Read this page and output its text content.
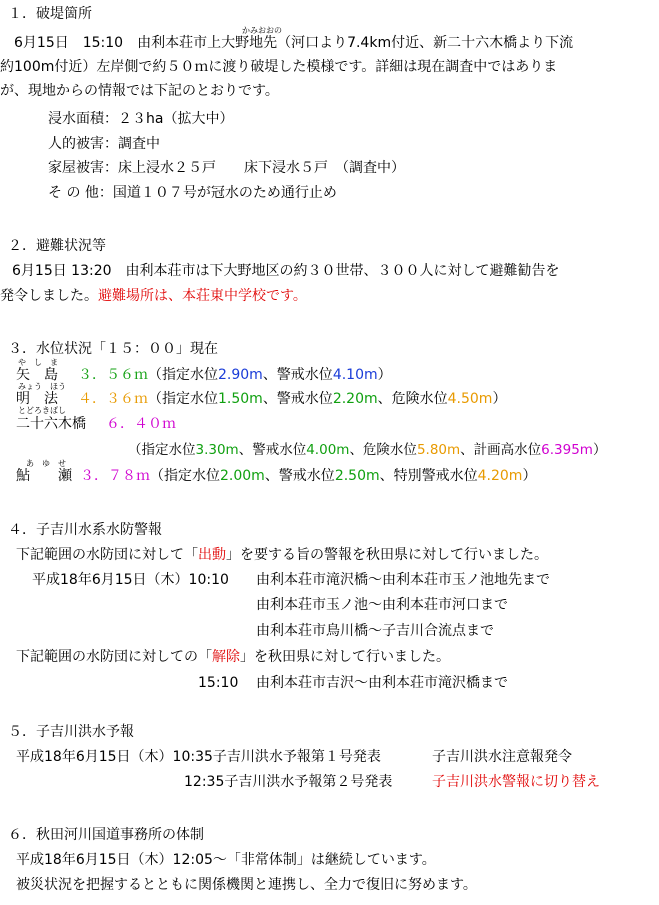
１．破堤箇所
かみおおの
6月15日　15:10　由利本荘市上大野地先（河口より7.4km付近、新二十六木橋より下流
約100m付近）左岸側で約５０ｍに渡り破堤した模様です。詳細は現在調査中ではありま
が、現地からの情報では下記のとおりです。
浸水面積：２３ha（拡大中）
人的被害：調査中
家屋被害：床上浸水２５戸　　床下浸水５戸　（調査中）
そ の 他：国道１０７号が冠水のため通行止め
２．避難状況等
6月15日 13:20　由利本荘市は下大野地区の約３０世帯、３００人に対して避難勧告を
発令しました。避難場所は、本荘東中学校です。
３．水位状況「１５：００」現在
や　し　ま
矢　島 ３．５６ｍ（指定水位2.90m、警戒水位4.10m）
みょう　ほう
明　法 ４．３６ｍ（指定水位1.50m、警戒水位2.20m、危険水位4.50m）
とどろきばし
二十六木橋 ６．４０ｍ
（指定水位3.30m、警戒水位4.00m、危険水位5.80m、計画高水位6.395m）
あ　ゆ　せ
鮎　　瀬 ３．７８ｍ（指定水位2.00m、警戒水位2.50m、特別警戒水位4.20m）
４．子吉川水系水防警報
下記範囲の水防団に対して「出動」を要する旨の警報を秋田県に対して行いました。
平成18年6月15日（木）10:10 由利本荘市滝沢橋～由利本荘市玉ノ池地先まで
由利本荘市玉ノ池～由利本荘市河口まで
由利本荘市鳥川橋～子吉川合流点まで
下記範囲の水防団に対しての「解除」を秋田県に対して行いました。
15:10 由利本荘市吉沢～由利本荘市滝沢橋まで
５．子吉川洪水予報
平成18年6月15日（木）10:35子吉川洪水予報第１号発表	子吉川洪水注意報発令
12:35子吉川洪水予報第２号発表	子吉川洪水警報に切り替え
６．秋田河川国道事務所の体制
平成18年6月15日（木）12:05～「非常体制」は継続しています。
被災状況を把握するとともに関係機関と連携し、全力で復旧に努めます。
